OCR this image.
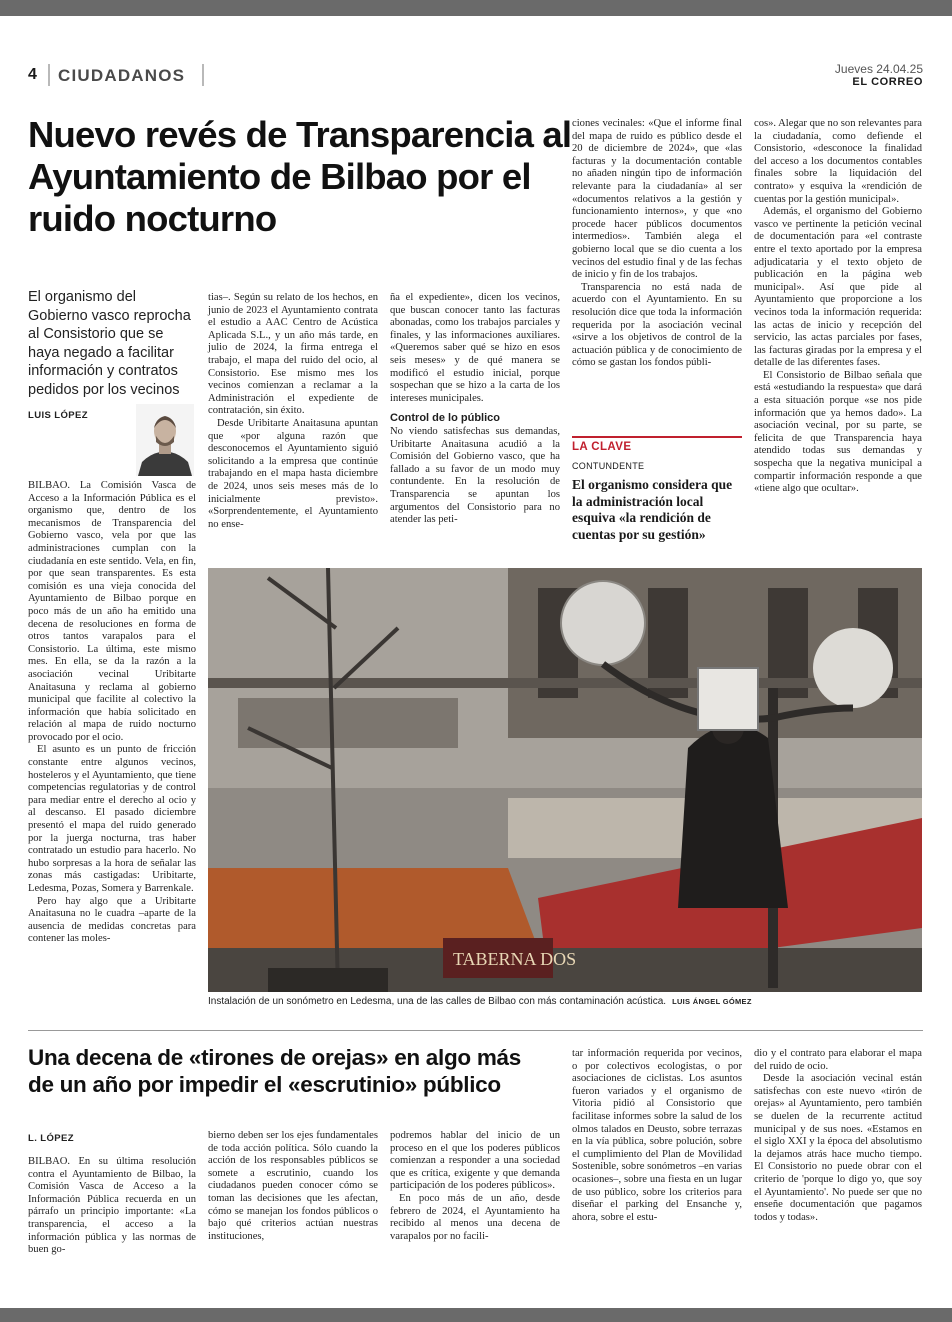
4 CIUDADANOS	Jueves 24.04.25
EL CORREO
Nuevo revés de Transparencia al Ayuntamiento de Bilbao por el ruido nocturno

El organismo del Gobierno vasco reprocha al Consistorio que se haya negado a facilitar información y contratos pedidos por los vecinos

LUIS LÓPEZ

BILBAO. La Comisión Vasca de Acceso a la Información Pública es el organismo que, dentro de los mecanismos de Transparencia del Gobierno vasco, vela por que las administraciones cumplan con la ciudadanía en este sentido. Vela, en fin, por que sean transparentes. Es esta comisión es una vieja conocida del Ayuntamiento de Bilbao porque en poco más de un año ha emitido una decena de resoluciones en forma de otros tantos varapalos para el Consistorio. La última, este mismo mes. En ella, se da la razón a la asociación vecinal Uribitarte Anaitasuna y reclama al gobierno municipal que facilite al colectivo la información que había solicitado en relación al mapa de ruido nocturno provocado por el ocio.

El asunto es un punto de fricción constante entre algunos vecinos, hosteleros y el Ayuntamiento, que tiene competencias regulatorias y de control para mediar entre el derecho al ocio y al descanso. El pasado diciembre presentó el mapa del ruido generado por la juerga nocturna, tras haber contratado un estudio para hacerlo. No hubo sorpresas a la hora de señalar las zonas más castigadas: Uribitarte, Ledesma, Pozas, Somera y Barrenkale.

Pero hay algo que a Uribitarte Anaitasuna no le cuadra –aparte de la ausencia de medidas concretas para contener las moles-

tias–. Según su relato de los hechos, en junio de 2023 el Ayuntamiento contrata el estudio a AAC Centro de Acústica Aplicada S.L., y un año más tarde, en julio de 2024, la firma entrega el trabajo, el mapa del ruido del ocio, al Consistorio. Ese mismo mes los vecinos comienzan a reclamar a la Administración el expediente de contratación, sin éxito.

Desde Uribitarte Anaitasuna apuntan que «por alguna razón que desconocemos el Ayuntamiento siguió solicitando a la empresa que continúe trabajando en el mapa hasta diciembre de 2024, unos seis meses más de lo inicialmente previsto». «Sorprendentemente, el Ayuntamiento no ense-

ña el expediente», dicen los vecinos, que buscan conocer tanto las facturas abonadas, como los trabajos parciales y finales, y las informaciones auxiliares. «Queremos saber qué se hizo en esos seis meses» y de qué manera se modificó el estudio inicial, porque sospechan que se hizo a la carta de los intereses municipales.

Control de lo público

No viendo satisfechas sus demandas, Uribitarte Anaitasuna acudió a la Comisión del Gobierno vasco, que ha fallado a su favor de un modo muy contundente. En la resolución de Transparencia se apuntan los argumentos del Consistorio para no atender las peti-

ciones vecinales: «Que el informe final del mapa de ruido es público desde el 20 de diciembre de 2024», que «las facturas y la documentación contable no añaden ningún tipo de información relevante para la ciudadanía» al ser «documentos relativos a la gestión y funcionamiento internos», y que «no procede hacer públicos documentos intermedios». También alega el gobierno local que se dio cuenta a los vecinos del estudio final y de las fechas de inicio y fin de los trabajos.

Transparencia no está nada de acuerdo con el Ayuntamiento. En su resolución dice que toda la información requerida por la asociación vecinal «sirve a los objetivos de control de la actuación pública y de conocimiento de cómo se gastan los fondos públi-

LA CLAVE
CONTUNDENTE
El organismo considera que la administración local esquiva «la rendición de cuentas por su gestión»

cos». Alegar que no son relevantes para la ciudadanía, como defiende el Consistorio, «desconoce la finalidad del acceso a los documentos contables finales sobre la liquidación del contrato» y esquiva la «rendición de cuentas por la gestión municipal».

Además, el organismo del Gobierno vasco ve pertinente la petición vecinal de documentación para «el contraste entre el texto aportado por la empresa adjudicataria y el texto objeto de publicación en la página web municipal». Así que pide al Ayuntamiento que proporcione a los vecinos toda la información requerida: las actas de inicio y recepción del servicio, las actas parciales por fases, las facturas giradas por la empresa y el detalle de las diferentes fases.

El Consistorio de Bilbao señala que está «estudiando la respuesta» que dará a esta situación porque «se nos pide información que ya hemos dado». La asociación vecinal, por su parte, se felicita de que Transparencia haya atendido todas sus demandas y sospecha que la negativa municipal a compartir información responde a que «tiene algo que ocultar».

TABERNA DOS
Instalación de un sonómetro en Ledesma, una de las calles de Bilbao con más contaminación acústica. LUIS ÁNGEL GÓMEZ
Una decena de «tirones de orejas» en algo más de un año por impedir el «escrutinio» público
L. LÓPEZ

BILBAO. En su última resolución contra el Ayuntamiento de Bilbao, la Comisión Vasca de Acceso a la Información Pública recuerda en un párrafo un principio importante: «La transparencia, el acceso a la información pública y las normas de buen go-

bierno deben ser los ejes fundamentales de toda acción política. Sólo cuando la acción de los responsables públicos se somete a escrutinio, cuando los ciudadanos pueden conocer cómo se toman las decisiones que les afectan, cómo se manejan los fondos públicos o bajo qué criterios actúan nuestras instituciones,

podremos hablar del inicio de un proceso en el que los poderes públicos comienzan a responder a una sociedad que es crítica, exigente y que demanda participación de los poderes públicos».

En poco más de un año, desde febrero de 2024, el Ayuntamiento ha recibido al menos una decena de varapalos por no facili-

tar información requerida por vecinos, o por colectivos ecologistas, o por asociaciones de ciclistas. Los asuntos fueron variados y el organismo de Vitoria pidió al Consistorio que facilitase informes sobre la salud de los olmos talados en Deusto, sobre terrazas en la vía pública, sobre polución, sobre el cumplimiento del Plan de Movilidad Sostenible, sobre sonómetros –en varias ocasiones–, sobre una fiesta en un lugar de uso público, sobre los criterios para diseñar el parking del Ensanche y, ahora, sobre el estu-

dio y el contrato para elaborar el mapa del ruido de ocio.

Desde la asociación vecinal están satisfechas con este nuevo «tirón de orejas» al Ayuntamiento, pero también se duelen de la recurrente actitud municipal y de sus noes. «Estamos en el siglo XXI y la época del absolutismo la dejamos atrás hace mucho tiempo. El Consistorio no puede obrar con el criterio de 'porque lo digo yo, que soy el Ayuntamiento'. No puede ser que no enseñe documentación que pagamos todos y todas».
